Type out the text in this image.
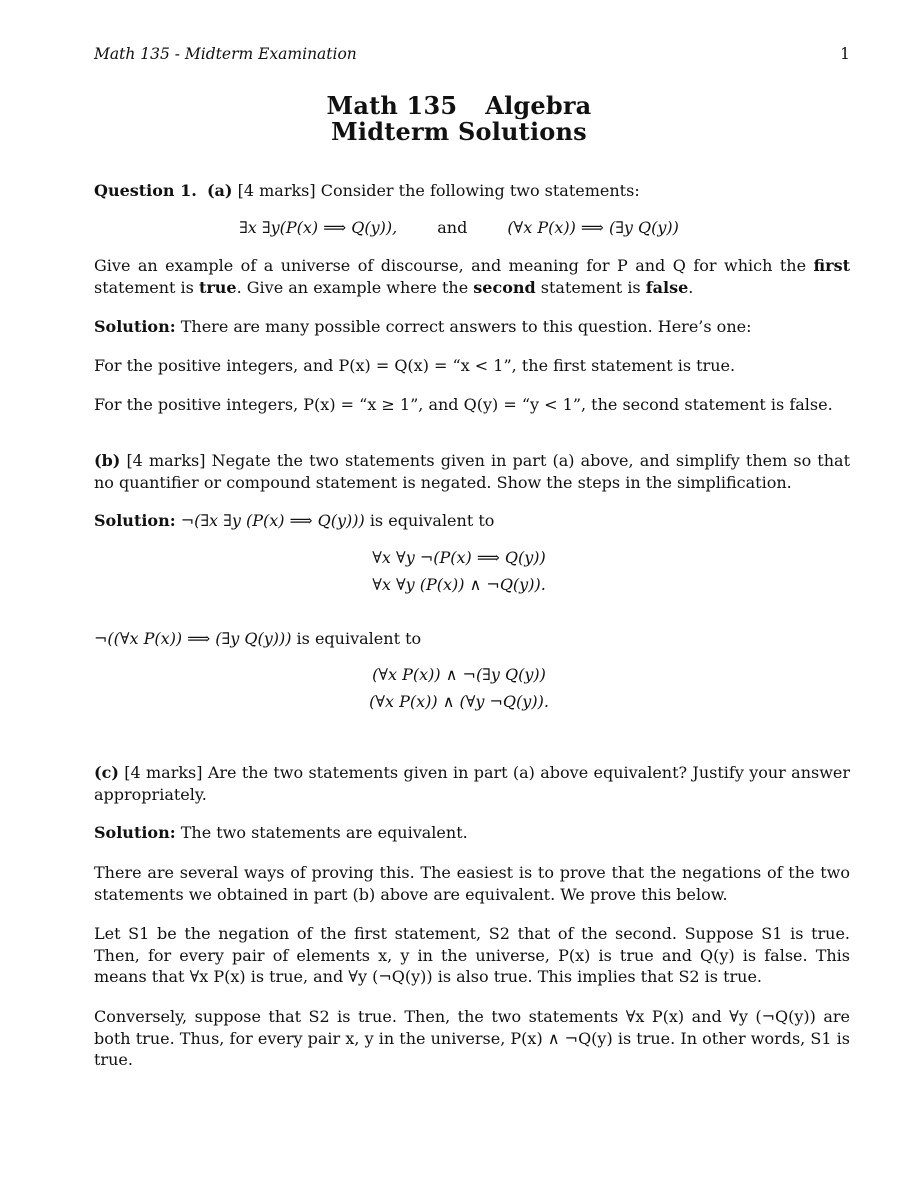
Math 135 - Midterm Examination	1
Math 135 Algebra
Midterm Solutions
Question 1. (a) [4 marks] Consider the following two statements:
∃x ∃y(P(x) ⟹ Q(y)),	and	(∀x P(x)) ⟹ (∃y Q(y))
Give an example of a universe of discourse, and meaning for P and Q for which the first statement is true. Give an example where the second statement is false.
Solution: There are many possible correct answers to this question. Here’s one:
For the positive integers, and P(x) = Q(x) = “x < 1”, the first statement is true.
For the positive integers, P(x) = “x ≥ 1”, and Q(y) = “y < 1”, the second statement is false.
(b) [4 marks] Negate the two statements given in part (a) above, and simplify them so that no quantifier or compound statement is negated. Show the steps in the simplification.
Solution: ¬(∃x ∃y (P(x) ⟹ Q(y))) is equivalent to
∀x ∀y ¬(P(x) ⟹ Q(y))
∀x ∀y (P(x)) ∧ ¬Q(y)).
¬((∀x P(x)) ⟹ (∃y Q(y))) is equivalent to
(∀x P(x)) ∧ ¬(∃y Q(y))
(∀x P(x)) ∧ (∀y ¬Q(y)).
(c) [4 marks] Are the two statements given in part (a) above equivalent? Justify your answer appropriately.
Solution: The two statements are equivalent.
There are several ways of proving this. The easiest is to prove that the negations of the two statements we obtained in part (b) above are equivalent. We prove this below.
Let S1 be the negation of the first statement, S2 that of the second. Suppose S1 is true. Then, for every pair of elements x, y in the universe, P(x) is true and Q(y) is false. This means that ∀x P(x) is true, and ∀y (¬Q(y)) is also true. This implies that S2 is true.
Conversely, suppose that S2 is true. Then, the two statements ∀x P(x) and ∀y (¬Q(y)) are both true. Thus, for every pair x, y in the universe, P(x) ∧ ¬Q(y) is true. In other words, S1 is true.
